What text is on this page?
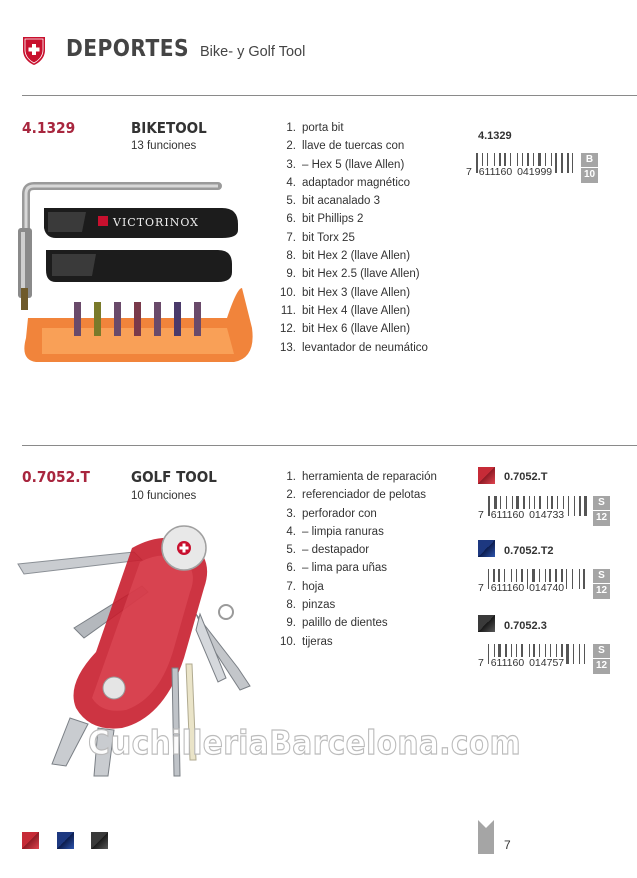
DEPORTES Bike- y Golf Tool
4.1329	BIKETOOL
13 funciones
VICTORINOX
1. porta bit
2. llave de tuercas con
3. – Hex 5 (llave Allen)
4. adaptador magnético
5. bit acanalado 3
6. bit Phillips 2
7. bit Torx 25
8. bit Hex 2 (llave Allen)
9. bit Hex 2.5 (llave Allen)
10. bit Hex 3 (llave Allen)
11. bit Hex 4 (llave Allen)
12. bit Hex 6 (llave Allen)
13. levantador de neumático
4.1329
7 611160 041999
B
10
0.7052.T	GOLF TOOL
10 funciones
1. herramienta de reparación
2. referenciador de pelotas
3. perforador con
4. – limpia ranuras
5. – destapador
6. – lima para uñas
7. hoja
8. pinzas
9. palillo de dientes
10. tijeras
0.7052.T
7 611160 014733
S
12
0.7052.T2
7 611160 014740
S
12
0.7052.3
7 611160 014757
S
12
CuchilleriaBarcelona.com
7
